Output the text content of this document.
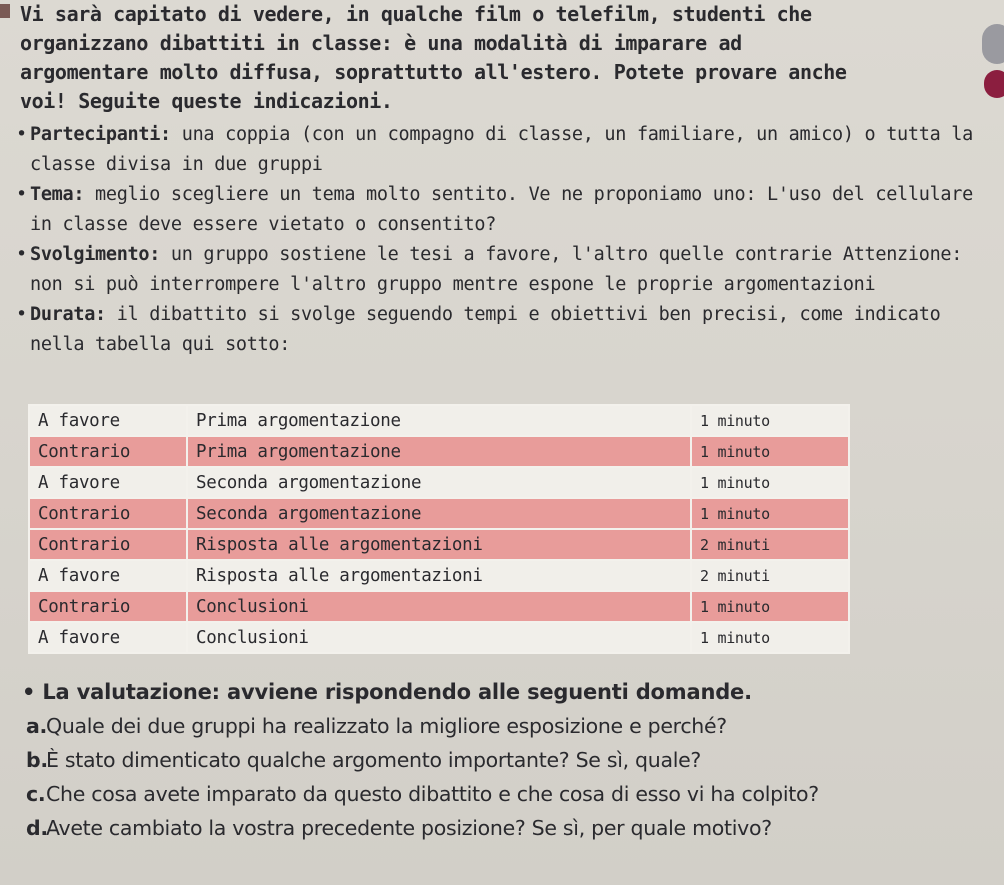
Vi sarà capitato di vedere, in qualche film o telefilm, studenti che

organizzano dibattiti in classe: è una modalità di imparare ad

argomentare molto diffusa, soprattutto all'estero. Potete provare anche

voi! Seguite queste indicazioni.

• Partecipanti: una coppia (con un compagno di classe, un familiare, un amico) o tutta la classe divisa in due gruppi
• Tema: meglio scegliere un tema molto sentito. Ve ne proponiamo uno: L'uso del cellulare in classe deve essere vietato o consentito?
• Svolgimento: un gruppo sostiene le tesi a favore, l'altro quelle contrarie Attenzione: non si può interrompere l'altro gruppo mentre espone le proprie argomentazioni
• Durata: il dibattito si svolge seguendo tempi e obiettivi ben precisi, come indicato nella tabella qui sotto:
A favore	Prima argomentazione	1 minuto
Contrario	Prima argomentazione	1 minuto
A favore	Seconda argomentazione	1 minuto
Contrario	Seconda argomentazione	1 minuto
Contrario	Risposta alle argomentazioni	2 minuti
A favore	Risposta alle argomentazioni	2 minuti
Contrario	Conclusioni	1 minuto
A favore	Conclusioni	1 minuto
• La valutazione: avviene rispondendo alle seguenti domande.
a.
Quale dei due gruppi ha realizzato la migliore esposizione e perché?
b.
È stato dimenticato qualche argomento importante? Se sì, quale?
c. Che cosa avete imparato da questo dibattito e che cosa di esso vi ha colpito?
d.
Avete cambiato la vostra precedente posizione? Se sì, per quale motivo?
